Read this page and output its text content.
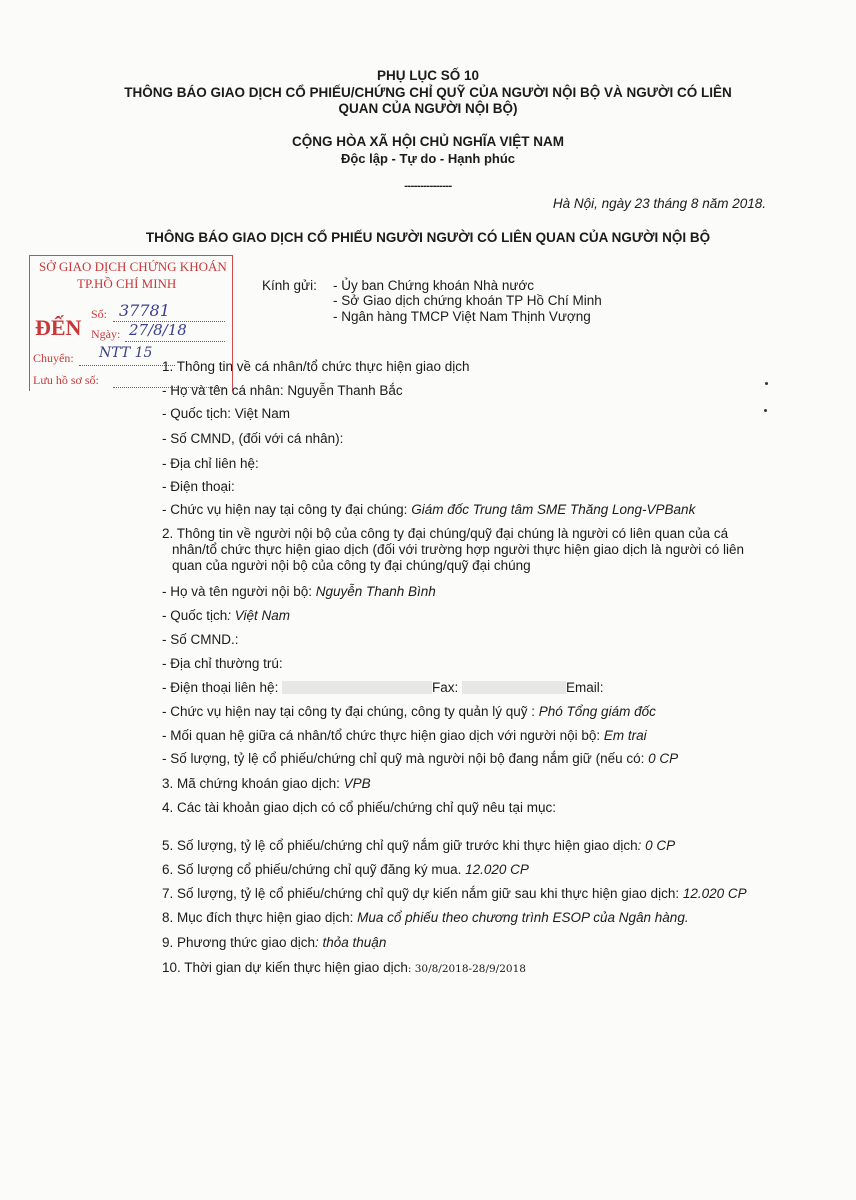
PHỤ LỤC SỐ 10
THÔNG BÁO GIAO DỊCH CỔ PHIẾU/CHỨNG CHỈ QUỸ CỦA NGƯỜI NỘI BỘ VÀ NGƯỜI CÓ LIÊN
QUAN CỦA NGƯỜI NỘI BỘ)
CỘNG HÒA XÃ HỘI CHỦ NGHĨA VIỆT NAM
Độc lập - Tự do - Hạnh phúc
---------------
Hà Nội, ngày 23 tháng 8 năm 2018.
THÔNG BÁO GIAO DỊCH CỔ PHIẾU NGƯỜI NGƯỜI CÓ LIÊN QUAN CỦA NGƯỜI NỘI BỘ
SỞ GIAO DỊCH CHỨNG KHOÁN
TP.HỒ CHÍ MINH
ĐẾN
Số: 37781
Ngày: 27/8/18
Chuyển: NTT 15
Lưu hồ sơ số:
Kính gửi: - Ủy ban Chứng khoán Nhà nước
- Sở Giao dịch chứng khoán TP Hồ Chí Minh
- Ngân hàng TMCP Việt Nam Thịnh Vượng
1. Thông tin về cá nhân/tổ chức thực hiện giao dịch
- Họ và tên cá nhân: Nguyễn Thanh Bắc
- Quốc tịch: Việt Nam
- Số CMND, (đối với cá nhân):
- Địa chỉ liên hệ:
- Điện thoại:
- Chức vụ hiện nay tại công ty đại chúng: Giám đốc Trung tâm SME Thăng Long-VPBank
2. Thông tin về người nội bộ của công ty đại chúng/quỹ đại chúng là người có liên quan của cá
nhân/tổ chức thực hiện giao dịch (đối với trường hợp người thực hiện giao dịch là người có liên
quan của người nội bộ của công ty đại chúng/quỹ đại chúng
- Họ và tên người nội bộ: Nguyễn Thanh Bình
- Quốc tịch: Việt Nam
- Số CMND.:
- Địa chỉ thường trú:
- Điện thoại liên hệ:	Fax:	Email:
- Chức vụ hiện nay tại công ty đại chúng, công ty quản lý quỹ : Phó Tổng giám đốc
- Mối quan hệ giữa cá nhân/tổ chức thực hiện giao dịch với người nội bộ: Em trai
- Số lượng, tỷ lệ cổ phiếu/chứng chỉ quỹ mà người nội bộ đang nắm giữ (nếu có: 0 CP
3. Mã chứng khoán giao dịch: VPB
4. Các tài khoản giao dịch có cổ phiếu/chứng chỉ quỹ nêu tại mục:
5. Số lượng, tỷ lệ cổ phiếu/chứng chỉ quỹ nắm giữ trước khi thực hiện giao dịch: 0 CP
6. Số lượng cổ phiếu/chứng chỉ quỹ đăng ký mua. 12.020 CP
7. Số lượng, tỷ lệ cổ phiếu/chứng chỉ quỹ dự kiến nắm giữ sau khi thực hiện giao dịch: 12.020 CP
8. Mục đích thực hiện giao dịch: Mua cổ phiếu theo chương trình ESOP của Ngân hàng.
9. Phương thức giao dịch: thỏa thuận
10. Thời gian dự kiến thực hiện giao dịch: 30/8/2018-28/9/2018
